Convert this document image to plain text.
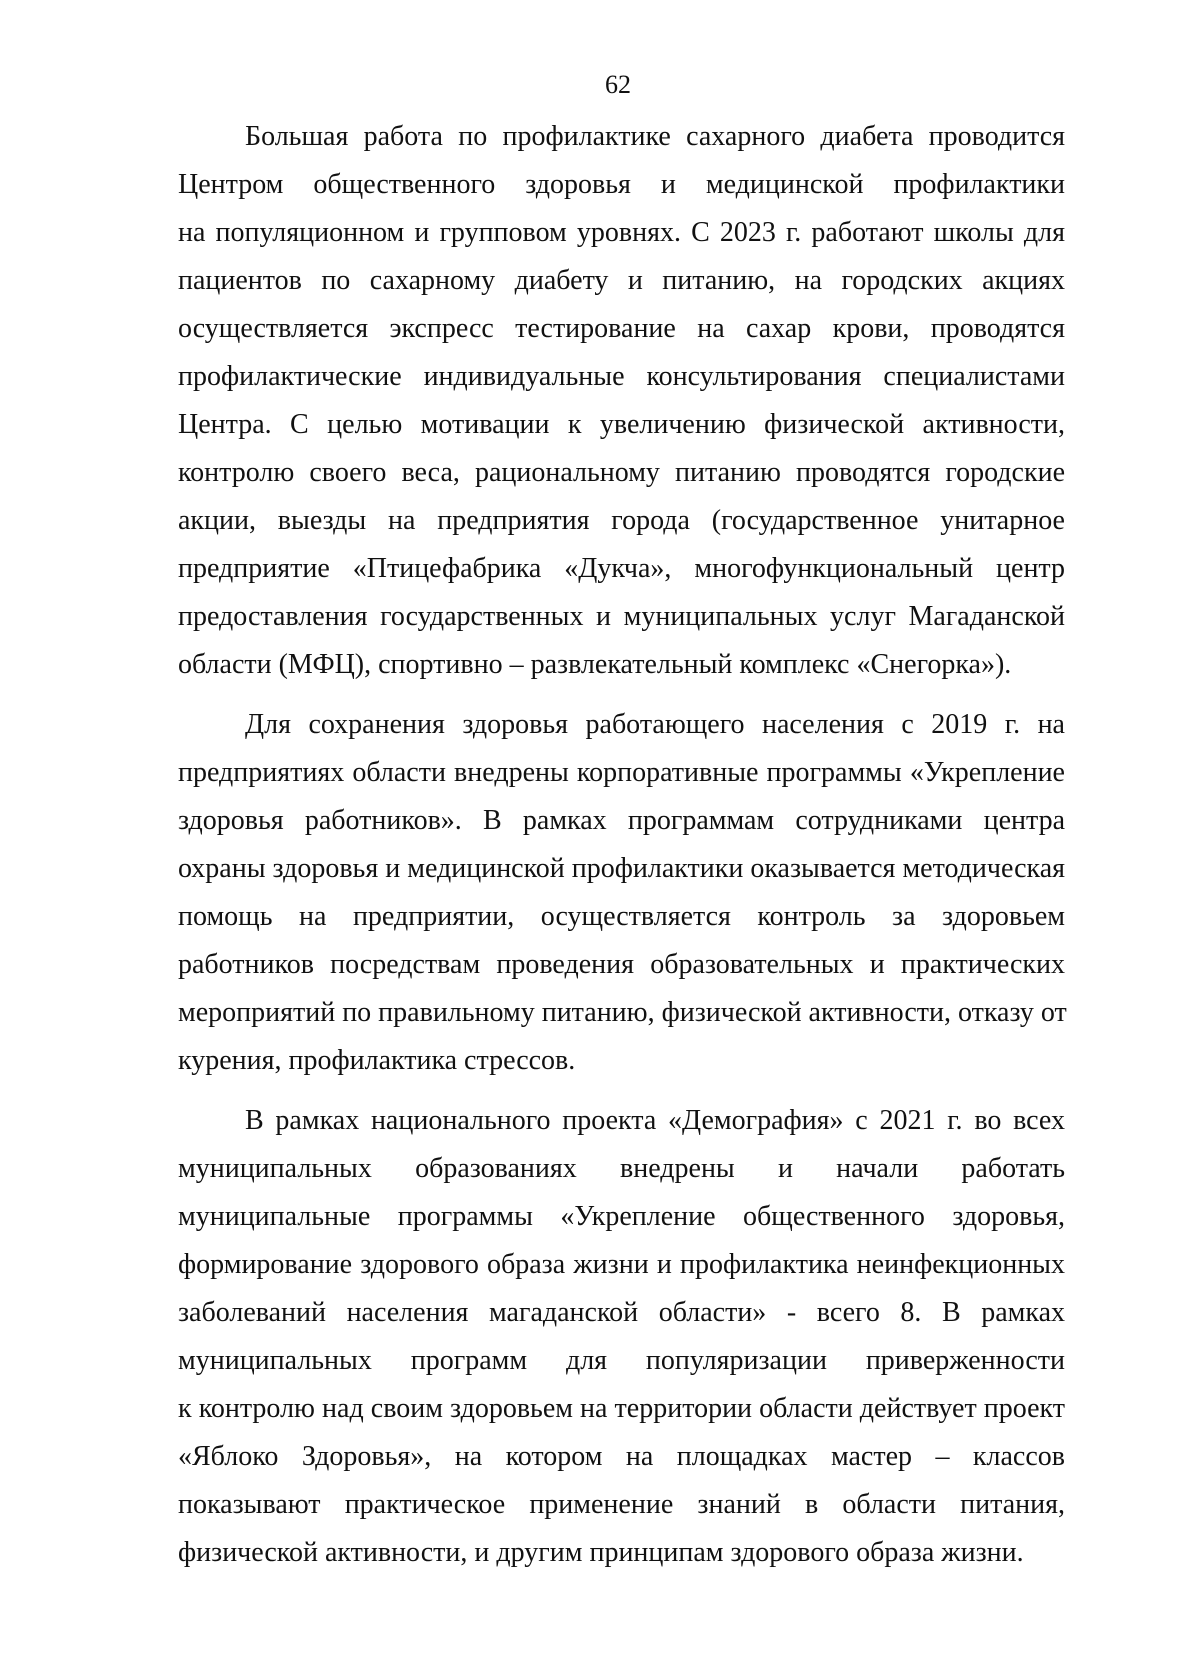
62
Большая работа по профилактике сахарного диабета проводится
Центром общественного здоровья и медицинской профилактики
на популяционном и групповом уровнях. С 2023 г. работают школы для
пациентов по сахарному диабету и питанию, на городских акциях
осуществляется экспресс тестирование на сахар крови, проводятся
профилактические индивидуальные консультирования специалистами
Центра. С целью мотивации к увеличению физической активности,
контролю своего веса, рациональному питанию проводятся городские
акции, выезды на предприятия города (государственное унитарное
предприятие «Птицефабрика «Дукча», многофункциональный центр
предоставления государственных и муниципальных услуг Магаданской
области (МФЦ), спортивно – развлекательный комплекс «Снегорка»).
Для сохранения здоровья работающего населения с 2019 г. на
предприятиях области внедрены корпоративные программы «Укрепление
здоровья работников». В рамках программам сотрудниками центра
охраны здоровья и медицинской профилактики оказывается методическая
помощь на предприятии, осуществляется контроль за здоровьем
работников посредствам проведения образовательных и практических
мероприятий по правильному питанию, физической активности, отказу от
курения, профилактика стрессов.
В рамках национального проекта «Демография» с 2021 г. во всех
муниципальных образованиях внедрены и начали работать
муниципальные программы «Укрепление общественного здоровья,
формирование здорового образа жизни и профилактика неинфекционных
заболеваний населения магаданской области» - всего 8. В рамках
муниципальных программ для популяризации приверженности
к контролю над своим здоровьем на территории области действует проект
«Яблоко Здоровья», на котором на площадках мастер – классов
показывают практическое применение знаний в области питания,
физической активности, и другим принципам здорового образа жизни.
